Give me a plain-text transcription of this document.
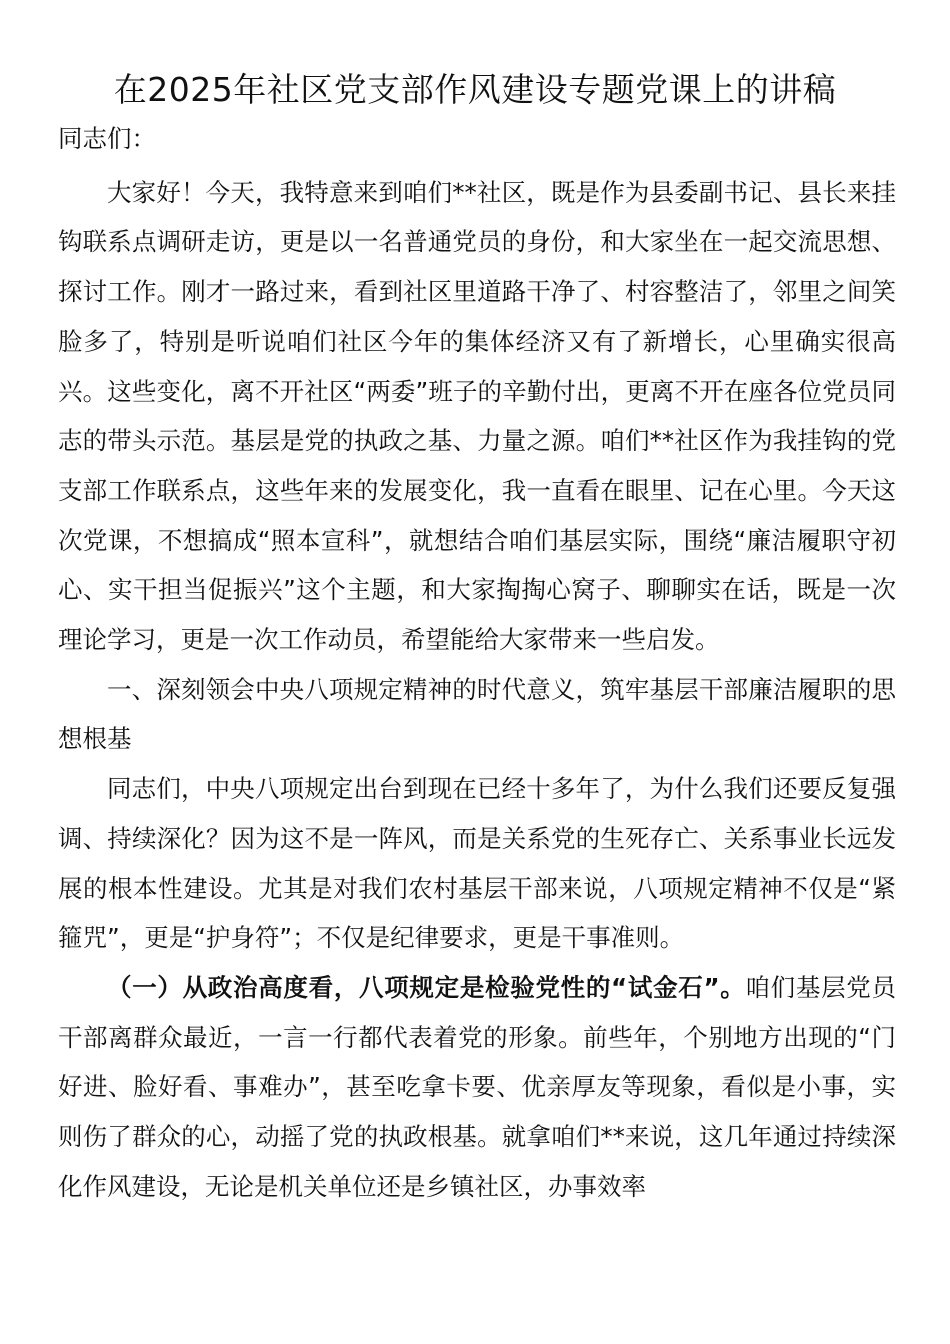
在2025年社区党支部作风建设专题党课上的讲稿

同志们：

大家好！今天，我特意来到咱们**社区，既是作为县委副书记、县长来挂钩联系点调研走访，更是以一名普通党员的身份，和大家坐在一起交流思想、探讨工作。刚才一路过来，看到社区里道路干净了、村容整洁了，邻里之间笑脸多了，特别是听说咱们社区今年的集体经济又有了新增长，心里确实很高兴。这些变化，离不开社区“两委”班子的辛勤付出，更离不开在座各位党员同志的带头示范。基层是党的执政之基、力量之源。咱们**社区作为我挂钩的党支部工作联系点，这些年来的发展变化，我一直看在眼里、记在心里。今天这次党课，不想搞成“照本宣科”，就想结合咱们基层实际，围绕“廉洁履职守初心、实干担当促振兴”这个主题，和大家掏掏心窝子、聊聊实在话，既是一次理论学习，更是一次工作动员，希望能给大家带来一些启发。

一、深刻领会中央八项规定精神的时代意义，筑牢基层干部廉洁履职的思想根基

同志们，中央八项规定出台到现在已经十多年了，为什么我们还要反复强调、持续深化？因为这不是一阵风，而是关系党的生死存亡、关系事业长远发展的根本性建设。尤其是对我们农村基层干部来说，八项规定精神不仅是“紧箍咒”，更是“护身符”；不仅是纪律要求，更是干事准则。

（一）从政治高度看，八项规定是检验党性的“试金石”。咱们基层党员干部离群众最近，一言一行都代表着党的形象。前些年，个别地方出现的“门好进、脸好看、事难办”，甚至吃拿卡要、优亲厚友等现象，看似是小事，实则伤了群众的心，动摇了党的执政根基。就拿咱们**来说，这几年通过持续深化作风建设，无论是机关单位还是乡镇社区，办事效率
